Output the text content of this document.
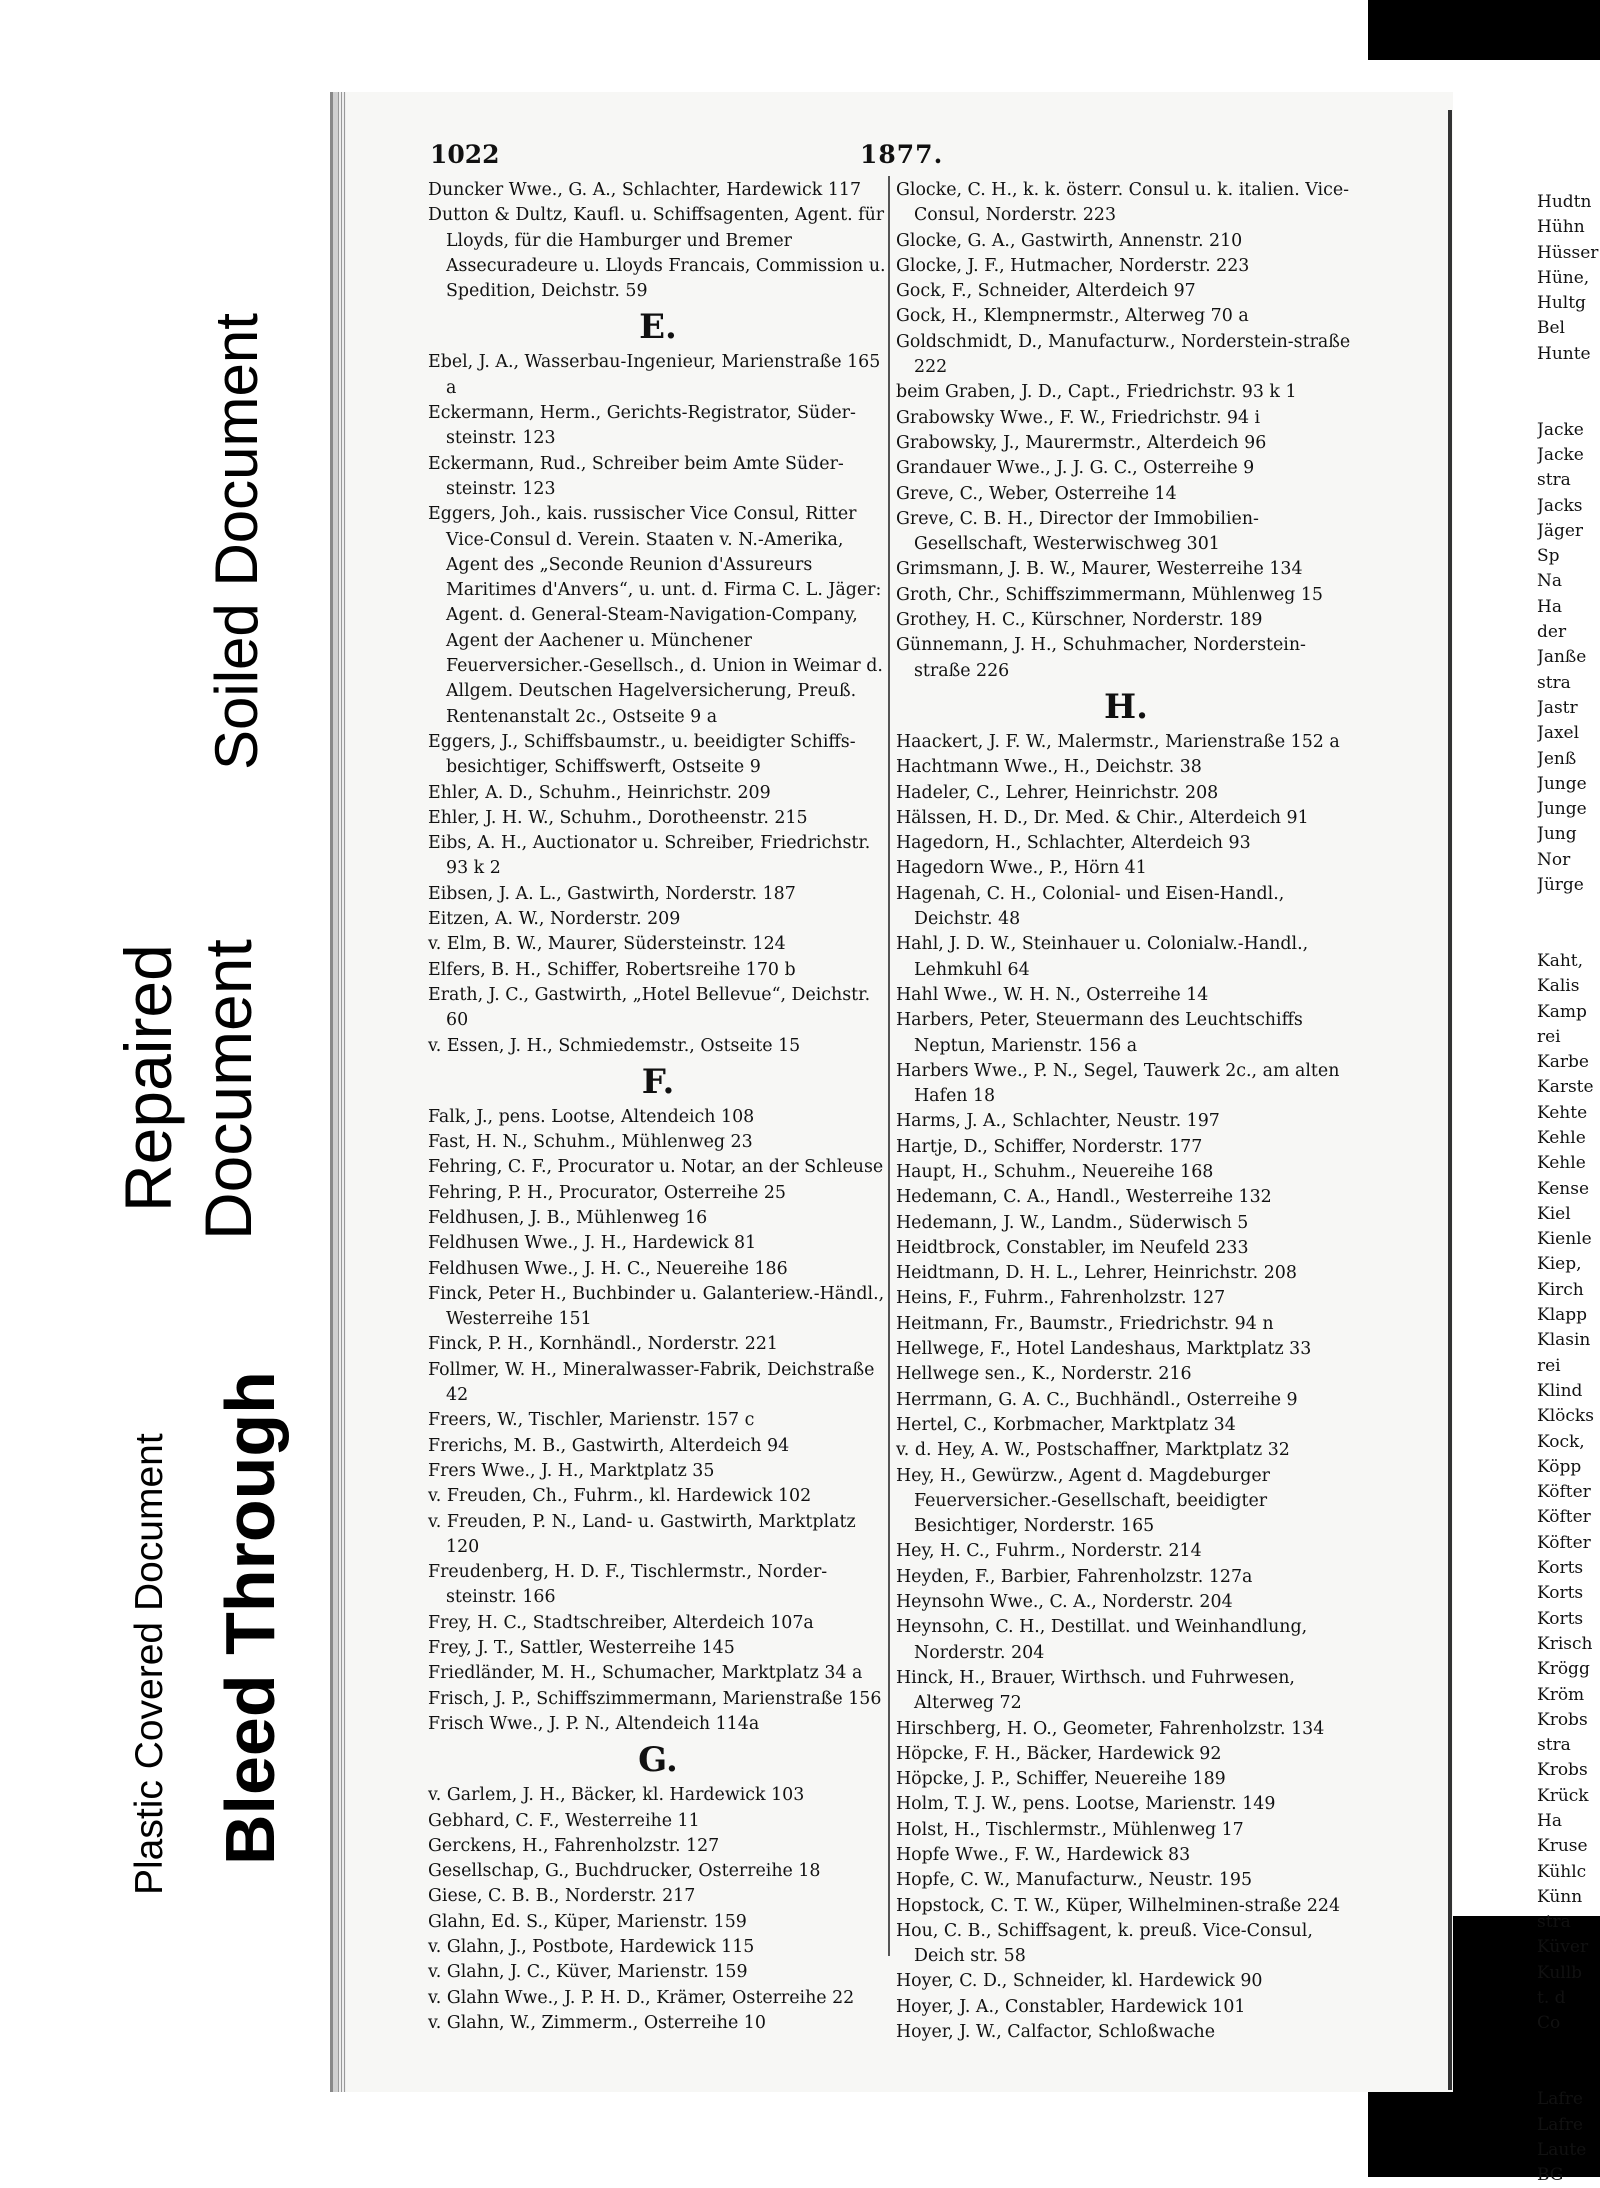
Soiled Document
Repaired Document
Plastic Covered Document Bleed Through
1022	1877.
Duncker Wwe., G. A., Schlachter, Hardewick 117
Dutton & Dultz, Kaufl. u. Schiffsagenten, Agent. für Lloyds, für die Hamburger und Bremer Assecuradeure u. Lloyds Francais, Commission u. Spedition, Deichstr. 59
E.
Ebel, J. A., Wasserbau-Ingenieur, Marienstraße 165 a
Eckermann, Herm., Gerichts-Registrator, Süder-steinstr. 123
Eckermann, Rud., Schreiber beim Amte Süder-steinstr. 123
Eggers, Joh., kais. russischer Vice Consul, Ritter Vice-Consul d. Verein. Staaten v. N.-Amerika, Agent des „Seconde Reunion d'Assureurs Maritimes d'Anvers“, u. unt. d. Firma C. L. Jäger: Agent. d. General-Steam-Navigation-Company, Agent der Aachener u. Münchener Feuerversicher.-Gesellsch., d. Union in Weimar d. Allgem. Deutschen Hagelversicherung, Preuß. Rentenanstalt 2c., Ostseite 9 a
Eggers, J., Schiffsbaumstr., u. beeidigter Schiffs-besichtiger, Schiffswerft, Ostseite 9
Ehler, A. D., Schuhm., Heinrichstr. 209
Ehler, J. H. W., Schuhm., Dorotheenstr. 215
Eibs, A. H., Auctionator u. Schreiber, Friedrichstr. 93 k 2
Eibsen, J. A. L., Gastwirth, Norderstr. 187
Eitzen, A. W., Norderstr. 209
v. Elm, B. W., Maurer, Südersteinstr. 124
Elfers, B. H., Schiffer, Robertsreihe 170 b
Erath, J. C., Gastwirth, „Hotel Bellevue“, Deichstr. 60
v. Essen, J. H., Schmiedemstr., Ostseite 15
F.
Falk, J., pens. Lootse, Altendeich 108
Fast, H. N., Schuhm., Mühlenweg 23
Fehring, C. F., Procurator u. Notar, an der Schleuse
Fehring, P. H., Procurator, Osterreihe 25
Feldhusen, J. B., Mühlenweg 16
Feldhusen Wwe., J. H., Hardewick 81
Feldhusen Wwe., J. H. C., Neuereihe 186
Finck, Peter H., Buchbinder u. Galanteriew.-Händl., Westerreihe 151
Finck, P. H., Kornhändl., Norderstr. 221
Follmer, W. H., Mineralwasser-Fabrik, Deichstraße 42
Freers, W., Tischler, Marienstr. 157 c
Frerichs, M. B., Gastwirth, Alterdeich 94
Frers Wwe., J. H., Marktplatz 35
v. Freuden, Ch., Fuhrm., kl. Hardewick 102
v. Freuden, P. N., Land- u. Gastwirth, Marktplatz 120
Freudenberg, H. D. F., Tischlermstr., Norder-steinstr. 166
Frey, H. C., Stadtschreiber, Alterdeich 107a
Frey, J. T., Sattler, Westerreihe 145
Friedländer, M. H., Schumacher, Marktplatz 34 a
Frisch, J. P., Schiffszimmermann, Marienstraße 156
Frisch Wwe., J. P. N., Altendeich 114a
G.
v. Garlem, J. H., Bäcker, kl. Hardewick 103
Gebhard, C. F., Westerreihe 11
Gerckens, H., Fahrenholzstr. 127
Gesellschap, G., Buchdrucker, Osterreihe 18
Giese, C. B. B., Norderstr. 217
Glahn, Ed. S., Küper, Marienstr. 159
v. Glahn, J., Postbote, Hardewick 115
v. Glahn, J. C., Küver, Marienstr. 159
v. Glahn Wwe., J. P. H. D., Krämer, Osterreihe 22
v. Glahn, W., Zimmerm., Osterreihe 10
Glocke, C. H., k. k. österr. Consul u. k. italien. Vice-Consul, Norderstr. 223
Glocke, G. A., Gastwirth, Annenstr. 210
Glocke, J. F., Hutmacher, Norderstr. 223
Gock, F., Schneider, Alterdeich 97
Gock, H., Klempnermstr., Alterweg 70 a
Goldschmidt, D., Manufacturw., Norderstein-straße 222
beim Graben, J. D., Capt., Friedrichstr. 93 k 1
Grabowsky Wwe., F. W., Friedrichstr. 94 i
Grabowsky, J., Maurermstr., Alterdeich 96
Grandauer Wwe., J. J. G. C., Osterreihe 9
Greve, C., Weber, Osterreihe 14
Greve, C. B. H., Director der Immobilien-Gesellschaft, Westerwischweg 301
Grimsmann, J. B. W., Maurer, Westerreihe 134
Groth, Chr., Schiffszimmermann, Mühlenweg 15
Grothey, H. C., Kürschner, Norderstr. 189
Günnemann, J. H., Schuhmacher, Norderstein-straße 226
H.
Haackert, J. F. W., Malermstr., Marienstraße 152 a
Hachtmann Wwe., H., Deichstr. 38
Hadeler, C., Lehrer, Heinrichstr. 208
Hälssen, H. D., Dr. Med. & Chir., Alterdeich 91
Hagedorn, H., Schlachter, Alterdeich 93
Hagedorn Wwe., P., Hörn 41
Hagenah, C. H., Colonial- und Eisen-Handl., Deichstr. 48
Hahl, J. D. W., Steinhauer u. Colonialw.-Handl., Lehmkuhl 64
Hahl Wwe., W. H. N., Osterreihe 14
Harbers, Peter, Steuermann des Leuchtschiffs Neptun, Marienstr. 156 a
Harbers Wwe., P. N., Segel, Tauwerk 2c., am alten Hafen 18
Harms, J. A., Schlachter, Neustr. 197
Hartje, D., Schiffer, Norderstr. 177
Haupt, H., Schuhm., Neuereihe 168
Hedemann, C. A., Handl., Westerreihe 132
Hedemann, J. W., Landm., Süderwisch 5
Heidtbrock, Constabler, im Neufeld 233
Heidtmann, D. H. L., Lehrer, Heinrichstr. 208
Heins, F., Fuhrm., Fahrenholzstr. 127
Heitmann, Fr., Baumstr., Friedrichstr. 94 n
Hellwege, F., Hotel Landeshaus, Marktplatz 33
Hellwege sen., K., Norderstr. 216
Herrmann, G. A. C., Buchhändl., Osterreihe 9
Hertel, C., Korbmacher, Marktplatz 34
v. d. Hey, A. W., Postschaffner, Marktplatz 32
Hey, H., Gewürzw., Agent d. Magdeburger Feuerversicher.-Gesellschaft, beeidigter Besichtiger, Norderstr. 165
Hey, H. C., Fuhrm., Norderstr. 214
Heyden, F., Barbier, Fahrenholzstr. 127a
Heynsohn Wwe., C. A., Norderstr. 204
Heynsohn, C. H., Destillat. und Weinhandlung, Norderstr. 204
Hinck, H., Brauer, Wirthsch. und Fuhrwesen, Alterweg 72
Hirschberg, H. O., Geometer, Fahrenholzstr. 134
Höpcke, F. H., Bäcker, Hardewick 92
Höpcke, J. P., Schiffer, Neuereihe 189
Holm, T. J. W., pens. Lootse, Marienstr. 149
Holst, H., Tischlermstr., Mühlenweg 17
Hopfe Wwe., F. W., Hardewick 83
Hopfe, C. W., Manufacturw., Neustr. 195
Hopstock, C. T. W., Küper, Wilhelminen-straße 224
Hou, C. B., Schiffsagent, k. preuß. Vice-Consul, Deich str. 58
Hoyer, C. D., Schneider, kl. Hardewick 90
Hoyer, J. A., Constabler, Hardewick 101
Hoyer, J. W., Calfactor, Schloßwache
Hudtn
Hühn
Hüsser
Hüne,
Hultg
Bel
Hunte

Jacke
Jacke
stra
Jacks
Jäger
Sp
Na
Ha
der
Janße
stra
Jastr
Jaxel
Jenß
Junge
Junge
Jung
Nor
Jürge

Kaht,
Kalis
Kamp
rei
Karbe
Karste
Kehte
Kehle
Kehle
Kense
Kiel
Kienle
Kiep,
Kirch
Klapp
Klasin
rei
Klind
Klöcks
Kock,
Köpp
Köfter
Köfter
Köfter
Korts
Korts
Korts
Krisch
Krögg
Kröm
Krobs
stra
Krobs
Krück
Ha
Kruse
Kühlc
Künn
stra
Küver
Kullb
t. d
Co

Lafre
Lafre
Laute
BG
